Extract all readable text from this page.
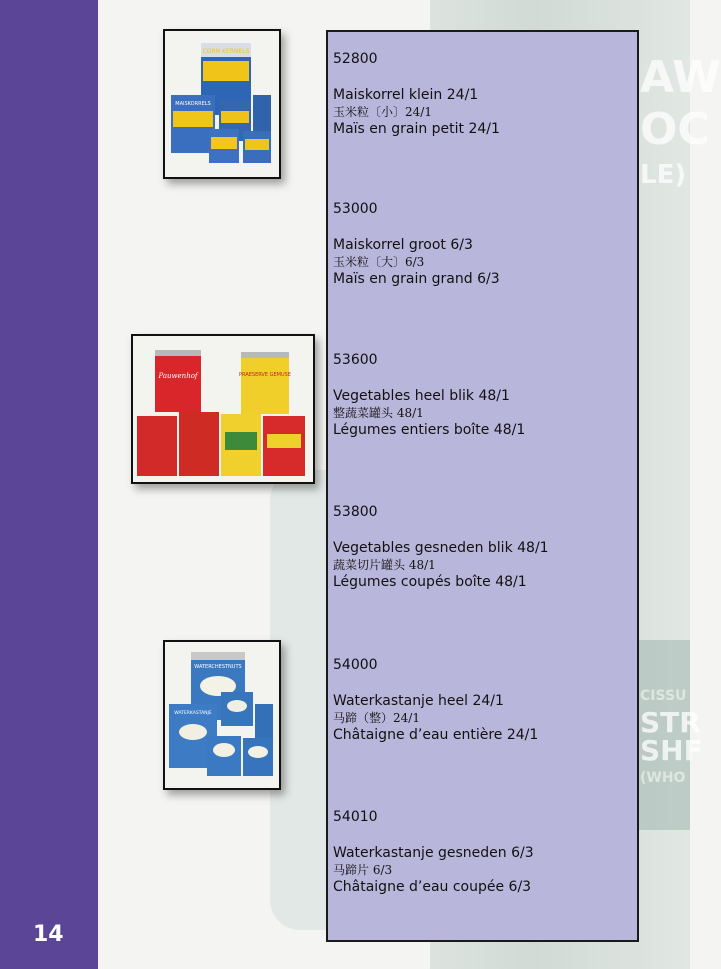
AW
OC
LE)
CISSU
STR
SHF
(WHO
14
CORN KERNELS
MAISKORRELS
Pauwenhof	PRAESERVE GEMUSE
WATERCHESTNUTS
WATERKASTANJE
52800
Maiskorrel klein 24/1
玉米粒〔小〕24/1
Maïs en grain petit 24/1
53000
Maiskorrel groot 6/3
玉米粒〔大〕6/3
Maïs en grain grand 6/3
53600
Vegetables heel blik 48/1
整蔬菜罐头 48/1
Légumes entiers boîte 48/1
53800
Vegetables gesneden blik 48/1
蔬菜切片罐头 48/1
Légumes coupés boîte 48/1
54000
Waterkastanje heel 24/1
马蹄（整）24/1
Châtaigne d’eau entière 24/1
54010
Waterkastanje gesneden 6/3
马蹄片 6/3
Châtaigne d’eau coupée 6/3
